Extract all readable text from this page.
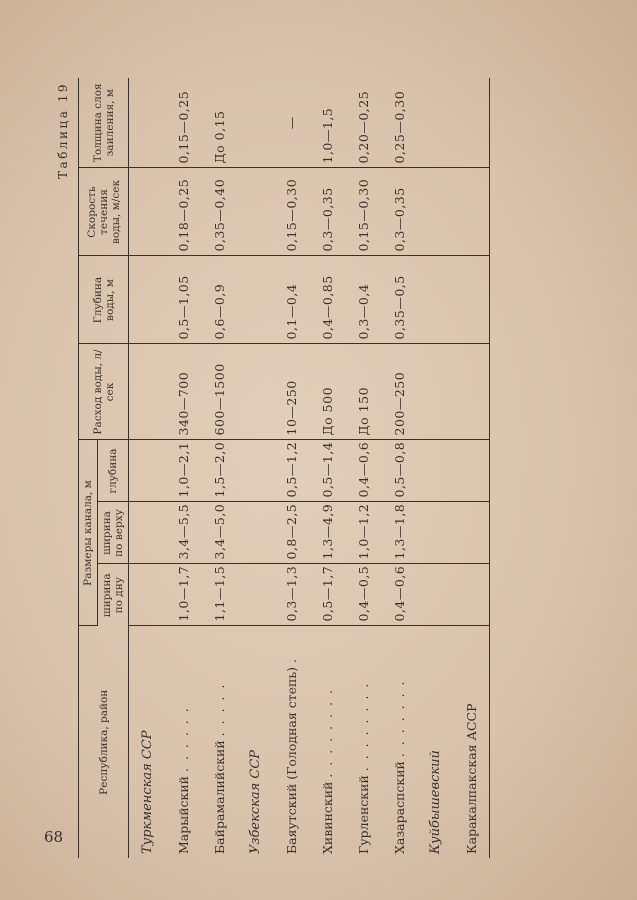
68
Таблица 19
Республика, район	Размеры канала, м			Расход воды, л/сек	Глубина воды, м	Скорость течения воды, м/сек	Толщина слоя заиления, м
	ширина по дну	ширина по верху	глубина				
Туркменская ССР							
Марыйский . . . . . .	1,0—1,7	3,4—5,5	1,0—2,1	340—700	0,5—1,05	0,18—0,25	0,15—0,25
Байрамалийский . . . . .	1,1—1,5	3,4—5,0	1,5—2,0	600—1500	0,6—0,9	0,35—0,40	До 0,15
Узбекская ССР							
Баяутский (Голодная степь) .	0,3—1,3	0,8—2,5	0,5—1,2	10—250	0,1—0,4	0,15—0,30	—
Хивинский . . . . . . . .	0,5—1,7	1,3—4,9	0,5—1,4	До 500	0,4—0,85	0,3—0,35	1,0—1,5
Гурленский . . . . . . . .	0,4—0,5	1,0—1,2	0,4—0,6	До 150	0,3—0,4	0,15—0,30	0,20—0,25
Хазараспский . . . . . . .	0,4—0,6	1,3—1,8	0,5—0,8	200—250	0,35—0,5	0,3—0,35	0,25—0,30
Куйбышевский							
Каракалпакская АССР							
